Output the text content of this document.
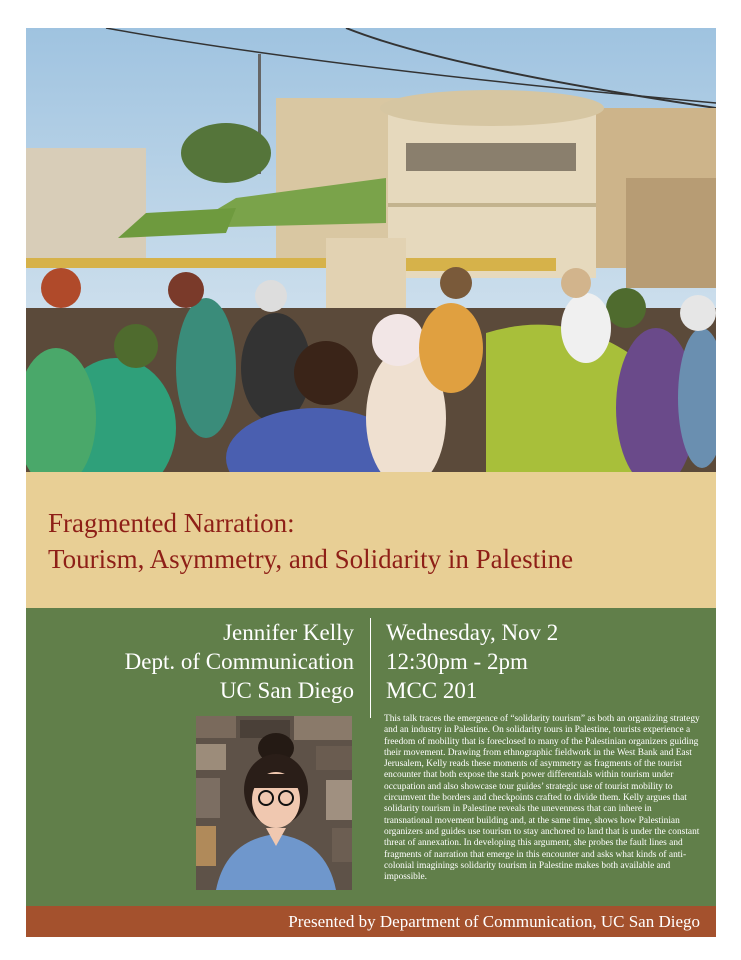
Fragmented Narration:
Tourism, Asymmetry, and Solidarity in Palestine
Jennifer Kelly
Dept. of Communication
UC San Diego
Wednesday, Nov 2
12:30pm - 2pm
MCC 201
This talk traces the emergence of “solidarity tourism” as both an organizing strategy and an industry in Palestine. On solidarity tours in Palestine, tourists experience a freedom of mobility that is foreclosed to many of the Palestinian organizers guiding their movement. Drawing from ethnographic fieldwork in the West Bank and East Jerusalem, Kelly reads these moments of asymmetry as fragments of the tourist encounter that both expose the stark power differentials within tourism under occupation and also showcase tour guides’ strategic use of tourist mobility to circumvent the borders and checkpoints crafted to divide them. Kelly argues that solidarity tourism in Palestine reveals the unevenness that can inhere in transnational movement building and, at the same time, shows how Palestinian organizers and guides use tourism to stay anchored to land that is under the constant threat of annexation. In developing this argument, she probes the fault lines and fragments of narration that emerge in this encounter and asks what kinds of anti-colonial imaginings solidarity tourism in Palestine makes both available and impossible.
Presented by Department of Communication, UC San Diego
